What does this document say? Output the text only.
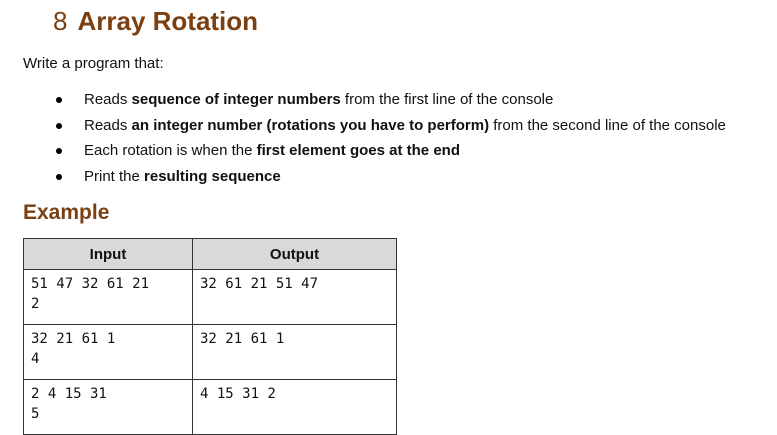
8 Array Rotation

Write a program that:

Reads sequence of integer numbers from the first line of the console
Reads an integer number (rotations you have to perform) from the second line of the console
Each rotation is when the first element goes at the end
Print the resulting sequence
Example
Input	Output

51 47 32 61 21
2	32 61 21 51 47

32 21 61 1
4	32 21 61 1

2 4 15 31
5	4 15 31 2
